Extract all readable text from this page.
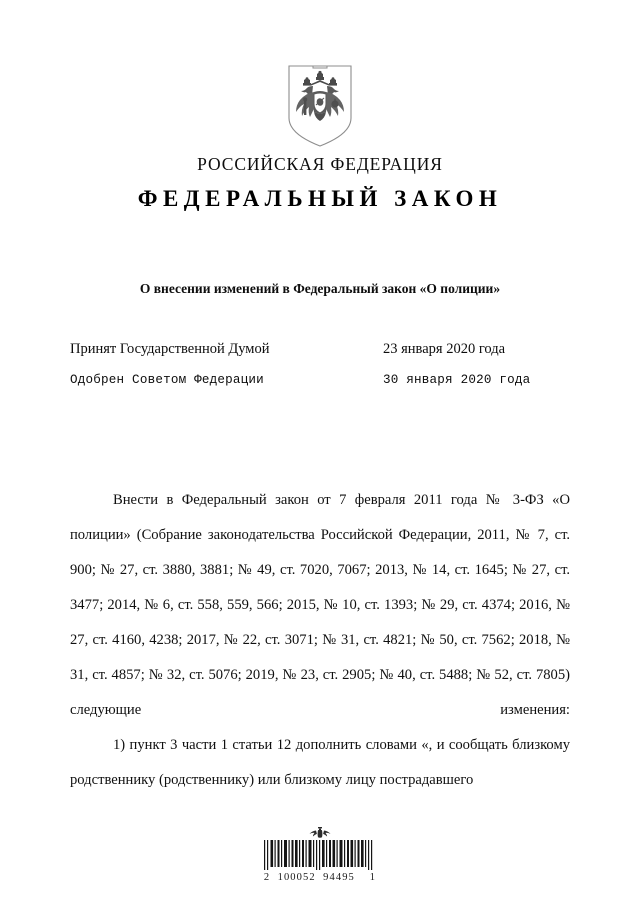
РОССИЙСКАЯ ФЕДЕРАЦИЯ
ФЕДЕРАЛЬНЫЙ ЗАКОН
О внесении изменений в Федеральный закон «О полиции»
Принят Государственной Думой	23 января 2020 года
Одобрен Советом Федерации	30 января 2020 года

Внести в Федеральный закон от 7 февраля 2011 года № 3-ФЗ «О полиции» (Собрание законодательства Российской Федерации, 2011, № 7, ст. 900; № 27, ст. 3880, 3881; № 49, ст. 7020, 7067; 2013, № 14, ст. 1645; № 27, ст. 3477; 2014, № 6, ст. 558, 559, 566; 2015, № 10, ст. 1393; № 29, ст. 4374; 2016, № 27, ст. 4160, 4238; 2017, № 22, ст. 3071; № 31, ст. 4821; № 50, ст. 7562; 2018, № 31, ст. 4857; № 32, ст. 5076; 2019, № 23, ст. 2905; № 40, ст. 5488; № 52, ст. 7805) следующие изменения:

1) пункт 3 части 1 статьи 12 дополнить словами «, и сообщать близкому родственнику (родственнику) или близкому лицу пострадавшего

2  100052  94495    1
